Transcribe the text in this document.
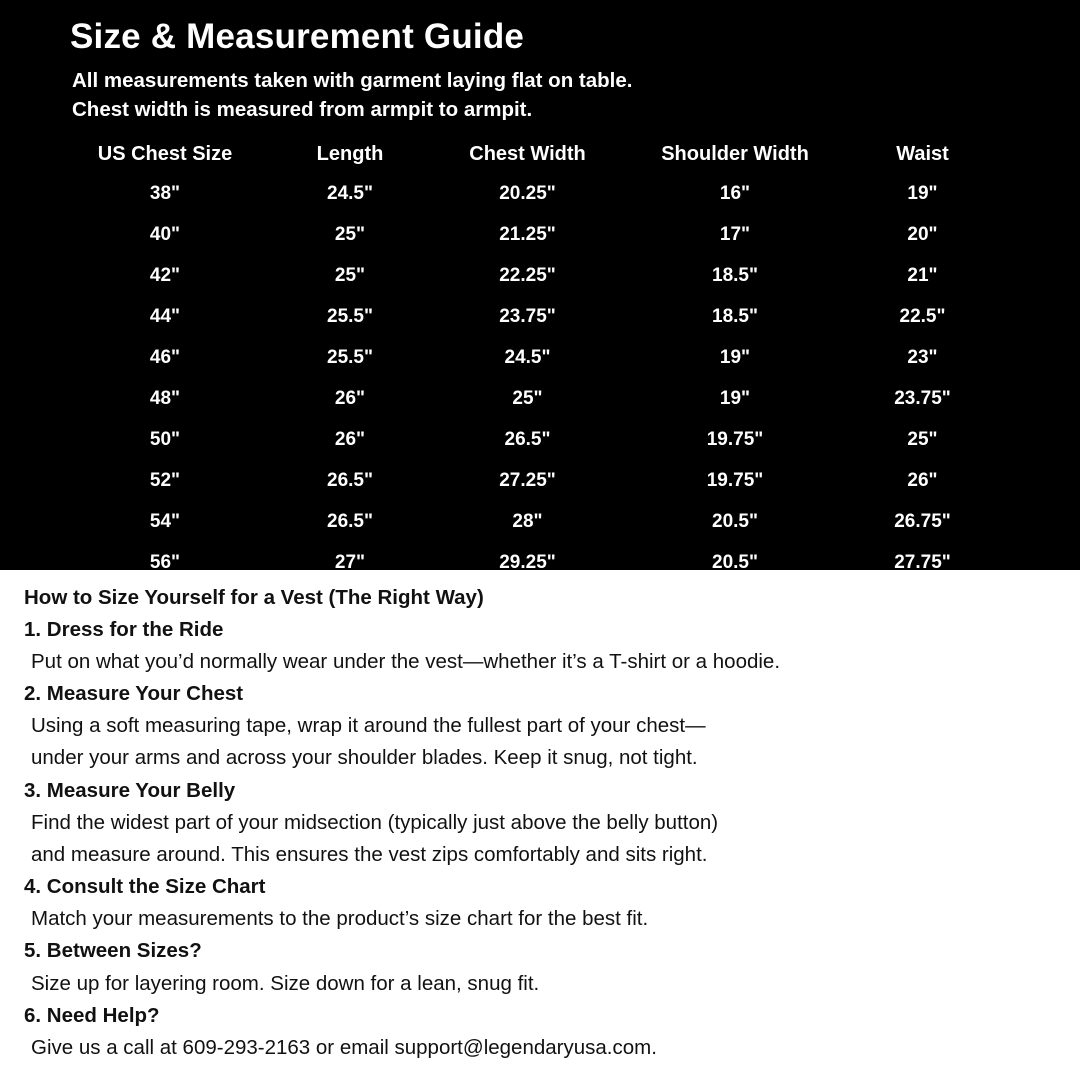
Size & Measurement Guide
All measurements taken with garment laying flat on table.
Chest width is measured from armpit to armpit.
US Chest Size	Length	Chest Width	Shoulder Width	Waist
38"	24.5"	20.25"	16"	19"
40"	25"	21.25"	17"	20"
42"	25"	22.25"	18.5"	21"
44"	25.5"	23.75"	18.5"	22.5"
46"	25.5"	24.5"	19"	23"
48"	26"	25"	19"	23.75"
50"	26"	26.5"	19.75"	25"
52"	26.5"	27.25"	19.75"	26"
54"	26.5"	28"	20.5"	26.75"
56"	27"	29.25"	20.5"	27.75"
How to Size Yourself for a Vest (The Right Way)
1. Dress for the Ride
Put on what you’d normally wear under the vest—whether it’s a T-shirt or a hoodie.
2. Measure Your Chest
Using a soft measuring tape, wrap it around the fullest part of your chest—
under your arms and across your shoulder blades. Keep it snug, not tight.
3. Measure Your Belly
Find the widest part of your midsection (typically just above the belly button)
and measure around. This ensures the vest zips comfortably and sits right.
4. Consult the Size Chart
Match your measurements to the product’s size chart for the best fit.
5. Between Sizes?
Size up for layering room. Size down for a lean, snug fit.
6. Need Help?
Give us a call at 609-293-2163 or email support@legendaryusa.com.
